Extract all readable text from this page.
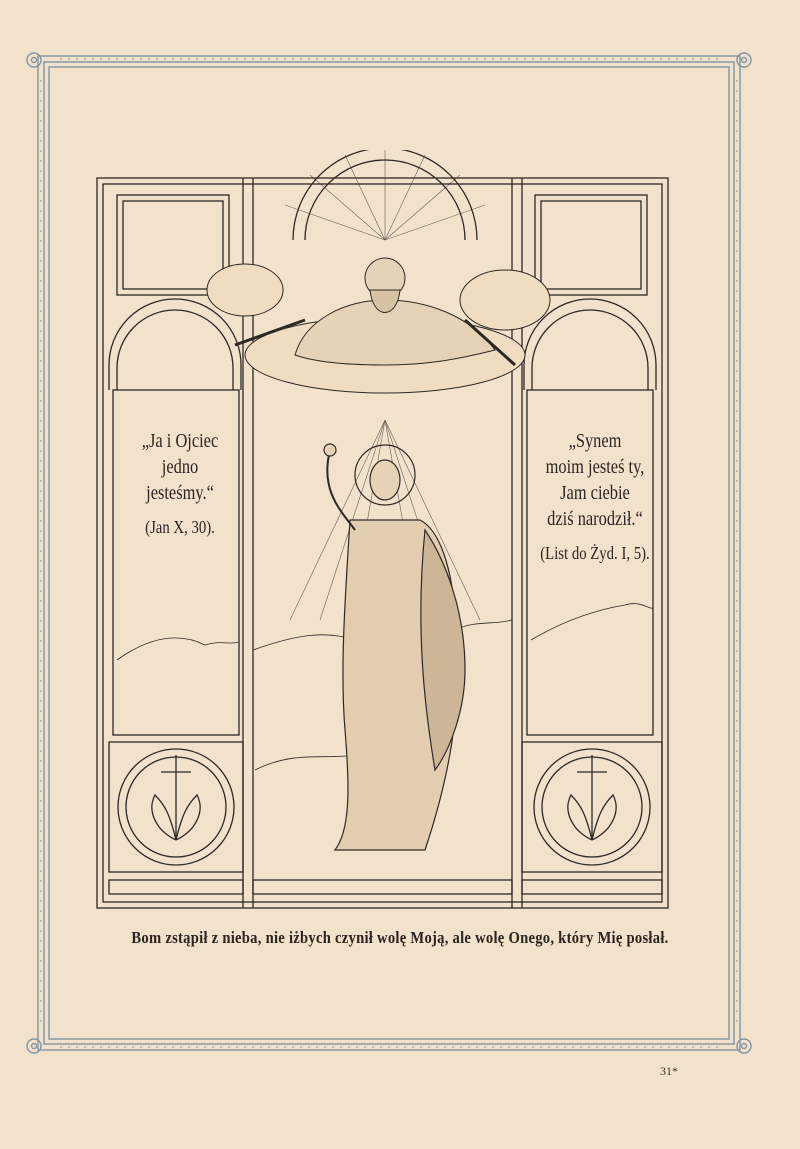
„Ja i Ojciec
jedno
jesteśmy.“
(Jan X, 30).
„Synem
moim jesteś ty,
Jam ciebie
dziś narodził.“
(List do Żyd. I, 5).
Bom zstąpił z nieba, nie iżbych czynił wolę Moją, ale wolę Onego, który Mię posłał.
31*
